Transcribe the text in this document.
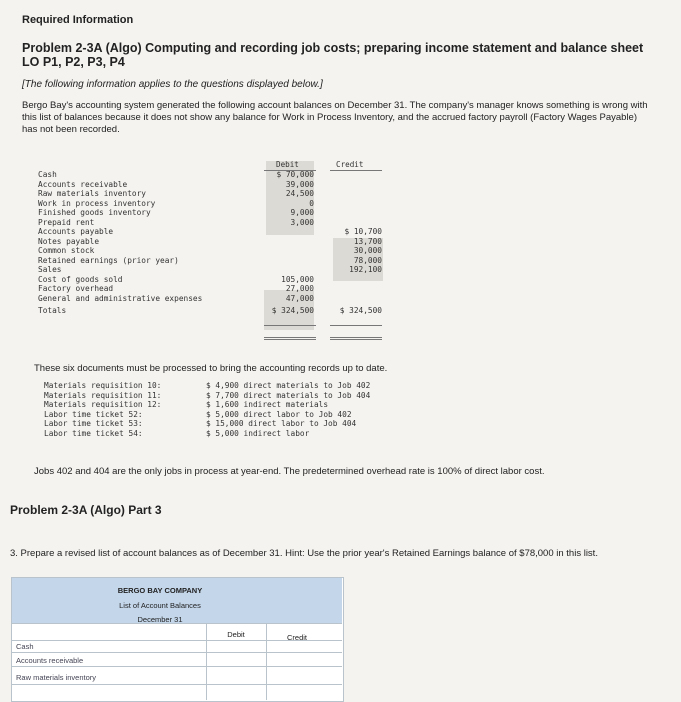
Required Information
Problem 2-3A (Algo) Computing and recording job costs; preparing income statement and balance sheet LO P1, P2, P3, P4
[The following information applies to the questions displayed below.]
Bergo Bay's accounting system generated the following account balances on December 31. The company's manager knows something is wrong with this list of balances because it does not show any balance for Work in Process Inventory, and the accrued factory payroll (Factory Wages Payable) has not been recorded.
Debit	Credit
Cash
Accounts receivable
Raw materials inventory
Work in process inventory
Finished goods inventory
Prepaid rent
Accounts payable
Notes payable
Common stock
Retained earnings (prior year)
Sales
Cost of goods sold
Factory overhead
General and administrative expenses
Totals
$ 70,000
39,000
24,500
0
9,000
3,000

105,000
27,000
47,000
$ 324,500

$ 10,700
13,700
30,000
78,000
192,100

$ 324,500
These six documents must be processed to bring the accounting records up to date.
Materials requisition 10:
Materials requisition 11:
Materials requisition 12:
Labor time ticket 52:
Labor time ticket 53:
Labor time ticket 54:
$ 4,900 direct materials to Job 402
$ 7,700 direct materials to Job 404
$ 1,600 indirect materials
$ 5,000 direct labor to Job 402
$ 15,000 direct labor to Job 404
$ 5,000 indirect labor
Jobs 402 and 404 are the only jobs in process at year-end. The predetermined overhead rate is 100% of direct labor cost.
Problem 2-3A (Algo) Part 3
3. Prepare a revised list of account balances as of December 31. Hint: Use the prior year's Retained Earnings balance of $78,000 in this list.
BERGO BAY COMPANY
List of Account Balances
December 31
Debit	Credit
Cash
Accounts receivable
Raw materials inventory
